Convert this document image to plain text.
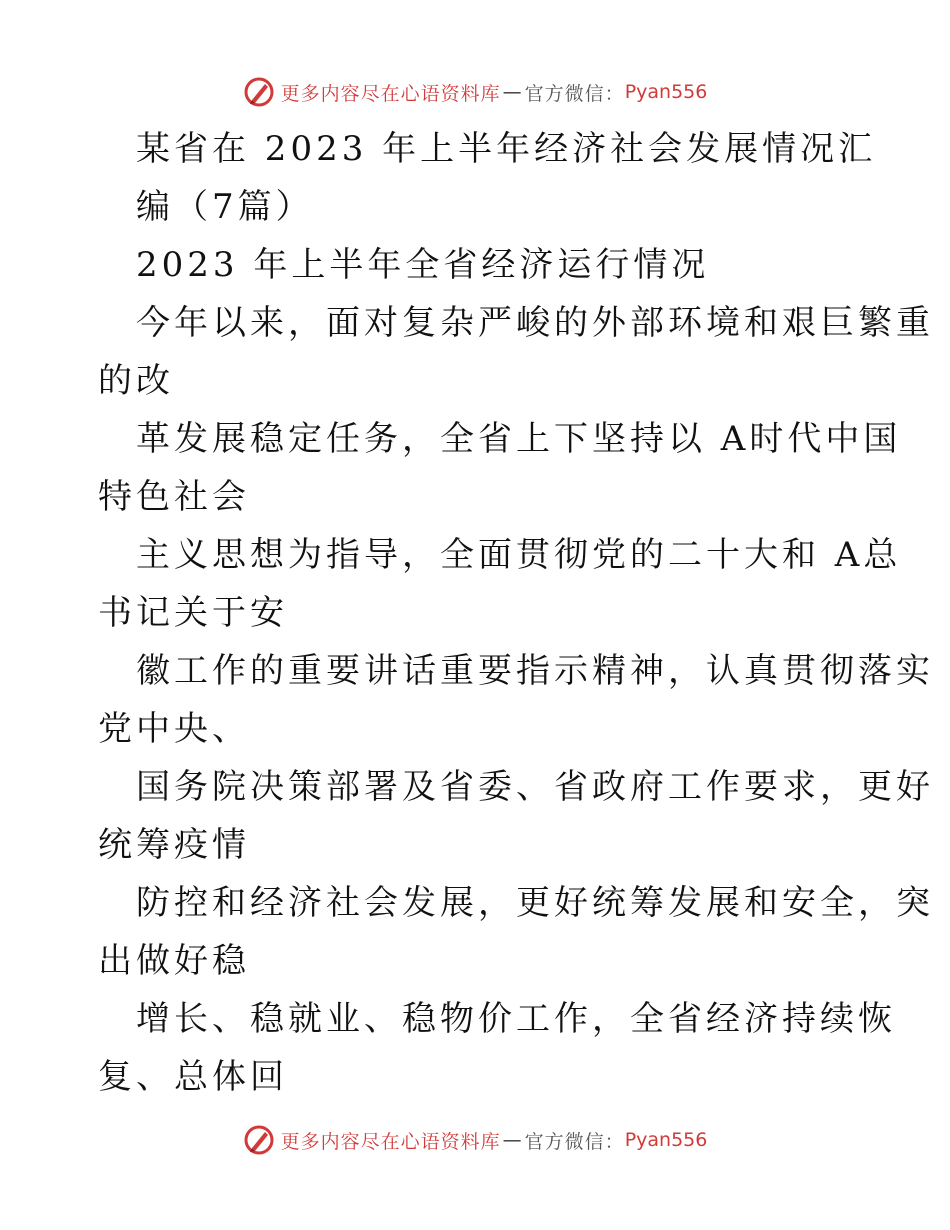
更多内容尽在心语资料库 — 官方微信： Pyan556
某省在 2023 年上半年经济社会发展情况汇
编（7篇）
2023 年上半年全省经济运行情况
今年以来，面对复杂严峻的外部环境和艰巨繁重
的改
革发展稳定任务，全省上下坚持以 A时代中国
特色社会
主义思想为指导，全面贯彻党的二十大和 A总
书记关于安
徽工作的重要讲话重要指示精神，认真贯彻落实
党中央、
国务院决策部署及省委、省政府工作要求，更好
统筹疫情
防控和经济社会发展，更好统筹发展和安全，突
出做好稳
增长、稳就业、稳物价工作，全省经济持续恢
复、总体回
更多内容尽在心语资料库 — 官方微信： Pyan556
